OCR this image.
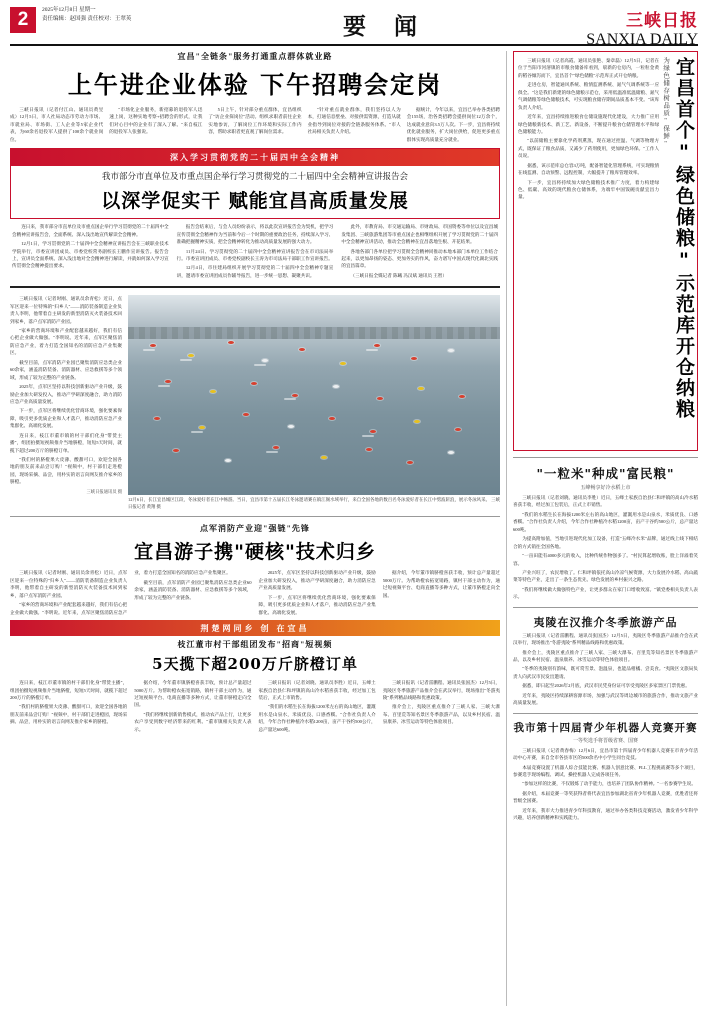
2	2025年12月8日 星期一
责任编辑：赵国强 责任校对：王翠英	要 闻	三峡日报
SANXIA DAILY
宜昌"全链条"服务打通重点群体就业路
上午进企业体验 下午招聘会定岗

三峡日报讯（记者付江山、通讯员黄昱成）12月5日，市人社局动态市劳动力市场、市就业局、市场街、工人企业等5家企业代表，为60余名退役军人提供了100余个就业岗位。

"市场化企业服务，新招募的退役军人迅速上岗，这种实地考察+招聘会的形式，让我们对心目中的企业有了深入了解。"来自枝江的退役军人张强说。

5日上午，针对部分重点群体，宜昌组织了"访企业探岗位"活动。组织求职者前往企业实地参访，了解岗位工作环境和实际工作内容，帮助求职者更直观了解岗位需求。

"针对重点就业群体，我们坚持以人为本，打通信息壁垒、对接供需资源，打造从就业指导到岗位对接的全链条服务体系。"市人社局相关负责人介绍。

据统计，今年以来，宜昌已举办各类招聘会155场，治各类招聘会提供岗位12万余个，达成就业意向3.5万人次。下一步，宜昌将持续优化就业服务，扩大岗位供给，促进更多重点群体实现高质量充分就业。

深入学习贯彻党的二十届四中全会精神
我市部分市直单位及市重点国企举行学习贯彻党的二十届四中全会精神宣讲报告会
以深学促实干 赋能宜昌高质量发展

连日来，我市部分市直单位及市重点国企举行学习贯彻党的二十届四中全会精神宣讲报告会，全面系统、深入浅出地宣传解读全会精神。

12月1日，学习贯彻党的二十届四中全会精神宣讲报告会在三峡职业技术学院举行，市委宣讲团成员、市委党校常务副校长王鹏作宣讲报告。报告会上，宣讲员全面系统、深入浅出地对全会精神进行解读，并就如何深入学习宣传贯彻全会精神提出要求。

报告会结束后，与会人员纷纷表示，将以此次宣讲报告会为契机，把学习宣传贯彻全会精神作为当前和今后一个时期的重要政治任务，持续深入学习、准确把握精神实质，把全会精神转化为推动高质量发展的强大动力。

11月24日、学习贯彻党的二十届四中全会精神宣讲报告会在市司法局举行。市委宣讲团成员、市委党校副校长王涛为市司法局干部职工作宣讲报告。

12月4日，市住建局组织开展学习贯彻党的二十届四中全会精神专题宣讲，邀请市委宣讲团成员作辅导报告，进一步统一思想、凝聚共识。

此外，市教育局、市交通运输局、市财政局、市国资委等单位以及宜昌城发集团、三峡旅游集团等市重点国企也相继组织开展了学习贯彻党的二十届四中全会精神宣讲活动，推动全会精神在宜昌落地生根、开花结果。

各地各部门各单位把学习贯彻全会精神同推动本地本部门本单位工作结合起来，以更加昂扬的姿态、更加务实的作风，奋力谱写中国式现代化湖北实践的宜昌篇章。

（三峡日报全媒记者 陈曦 冯汉斌 通讯员 王智）

三峡日报讯（记者时刚、通讯员余青松）近日，点军区迎来一位特殊的"归乡人"——消防装备制造企业负责人李明，他带着自主研发的新型消防灭火装备技术回到家乡，落户点军消防产业园。

"家乡的营商环境和产业配套越来越好，我们有信心把企业做大做强。"李明说。近年来，点军区聚焦消防应急产业，着力打造全国知名的消防应急产业集聚区。

截至目前，点军消防产业园已聚集消防应急类企业60余家，涵盖消防装备、消防器材、应急救援等多个领域，形成了较为完整的产业链条。

2025年，点军区坚持以科技创新驱动产业升级，鼓励企业加大研发投入，推动产学研深度融合，助力消防应急产业高质量发展。

下一步，点军区将继续优化营商环境，强化要素保障，吸引更多优质企业和人才落户，推动消防应急产业集群化、高端化发展。

连日来，枝江市董市镇的村干部们化身"带货主播"，组团拍摄短视频推介当地脐橙，短短5天时间，就揽下超过200万斤的脐橙订单。

"我们村的脐橙果大皮薄、酸甜可口，欢迎全国各地的朋友前来品尝订购！"视频中，村干部们走进橙园，现场采摘、品尝，用朴实的语言向网友推介家乡的脐橙。

三峡日报通讯员 摄
12月6日，长江宜昌城区江段，冬泳爱好者在江中畅游。当日，宜昌市第十五届长江冬泳邀请赛在镇江阁水域举行，来自全国各地的数百名冬泳爱好者在长江中劈波斩浪，展示冬泳风采。 三峡日报记者 黄翔 摄
点军消防产业迎"强链"先锋
宜昌游子携"硬核"技术归乡

三峡日报讯（记者时刚、通讯员余青松）近日，点军区迎来一位特殊的"归乡人"——消防装备制造企业负责人李明，他带着自主研发的新型消防灭火装备技术回到家乡，落户点军消防产业园。

"家乡的营商环境和产业配套越来越好，我们有信心把企业做大做强。"李明说。近年来，点军区聚焦消防应急产业，着力打造全国知名的消防应急产业集聚区。

截至目前，点军消防产业园已聚集消防应急类企业60余家，涵盖消防装备、消防器材、应急救援等多个领域，形成了较为完整的产业链条。

2025年，点军区坚持以科技创新驱动产业升级，鼓励企业加大研发投入，推动产学研深度融合，助力消防应急产业高质量发展。

下一步，点军区将继续优化营商环境，强化要素保障，吸引更多优质企业和人才落户，推动消防应急产业集群化、高端化发展。

据介绍，今年董市镇脐橙喜获丰收，预计总产量超过5000万斤。为帮助橙农拓宽销路，镇村干部主动作为，通过短视频平台、电商直播等多种方式，让董市脐橙走向全国。

荆楚网同乡 创 在宜昌
枝江董市村干部组团发布"招商"短视频
5天揽下超200万斤脐橙订单

连日来，枝江市董市镇的村干部们化身"带货主播"，组团拍摄短视频推介当地脐橙，短短5天时间，就揽下超过200万斤的脐橙订单。

"我们村的脐橙果大皮薄、酸甜可口，欢迎全国各地的朋友前来品尝订购！"视频中，村干部们走进橙园，现场采摘、品尝，用朴实的语言向网友推介家乡的脐橙。

据介绍，今年董市镇脐橙喜获丰收，预计总产量超过5000万斤。为帮助橙农拓宽销路，镇村干部主动作为，通过短视频平台、电商直播等多种方式，让董市脐橙走向全国。

"我们将继续创新销售模式，推动农产品上行，让更多农户享受到数字经济带来的红利。"董市镇相关负责人表示。

三峡日报讯（记者刘晓、通讯员李胜）近日，五峰土家族自治县仁和坪镇的高山冷水稻喜获丰收，经过加工包装后，正式上市销售。

"我们的水稻生长在海拔1200米左右的高山地区，灌溉用水是山泉水，米质优良、口感香糯。"合作社负责人介绍，今年合作社种植冷水稻1200亩，亩产干谷约500公斤，总产量达600吨。

三峡日报讯（记者雷鹏程、通讯员张国杰）12月5日，夷陵区冬季旅游产品推介会在武汉举行，现场推出"冬游夷陵"系列精品线路和优惠政策。

推介会上，夷陵区重点推介了三峡人家、三峡大瀑布、百里荒等知名景区冬季旅游产品，以及乡村民宿、温泉康养、冰雪运动等特色体验项目。

宜昌首个"绿色储粮"示范库开仓纳粮
为绿色储存树品质"保鲜"

三峡日报讯（记者高霞、通讯员张艳、秦章磊）12月5日，记者在位于当阳市河溶镇的市粮食储备库看到，崭新的仓房内，一粒粒金黄的稻谷倾泻而下，宜昌首个"绿色储粮"示范库正式开仓纳粮。

走进仓房，智能通风系统、粮情监测系统、氮气气调系统等一应俱全。"这是我们新建的绿色储粮示范仓，采用低温准低温储粮、氮气气调储粮等绿色储粮技术，可实现粮食储存期间品质基本不变。"该库负责人介绍。

近年来，宜昌持续推进粮食仓储设施现代化建设，大力推广应用绿色储粮新技术、新工艺、新设备，不断提升粮食仓储管理水平和绿色储粮能力。

"以前储粮主要靠化学药剂熏蒸，现在通过控温、气调等物理方式，既保证了粮食品质，又减少了药剂使用，更加绿色环保。"工作人员说。

据悉，该示范库总仓容3万吨，配备智能化管理系统，可实现粮情在线监测、自动预警、远程控制，大幅提升了粮库管理效率。

下一步，宜昌将持续加大绿色储粮技术推广力度，着力构建绿色、低碳、高效的现代粮食仓储体系，为端牢中国饭碗贡献宜昌力量。

"一粒米"种成"富民粮"
五峰畅享好冷水稻上市

三峡日报讯（记者刘晓、通讯员李胜）近日，五峰土家族自治县仁和坪镇的高山冷水稻喜获丰收，经过加工包装后，正式上市销售。

"我们的水稻生长在海拔1200米左右的高山地区，灌溉用水是山泉水，米质优良、口感香糯。"合作社负责人介绍，今年合作社种植冷水稻1200亩，亩产干谷约500公斤，总产量达600吨。

为提高附加值，当地引进现代化加工设备，打造"五峰冷水米"品牌，通过线上线下相结合的方式销往全国各地。

"一亩田能有4000多元的收入，比种传统作物强多了。"村民算起增收账，脸上洋溢着笑容。

产业兴旺了，农民增收了。仁和坪镇依托高山冷凉气候资源，大力发展冷水稻、高山蔬菜等特色产业，走出了一条生态优先、绿色发展的乡村振兴之路。

"我们将继续做大做强特色产业，让更多群众在家门口增收致富。"镇党委相关负责人表示。

夷陵在汉推介冬季旅游产品

三峡日报讯（记者雷鹏程、通讯员张国杰）12月5日，夷陵区冬季旅游产品推介会在武汉举行，现场推出"冬游夷陵"系列精品线路和优惠政策。

推介会上，夷陵区重点推介了三峡人家、三峡大瀑布、百里荒等知名景区冬季旅游产品，以及乡村民宿、温泉康养、冰雪运动等特色体验项目。

"冬季的夷陵别有韵味，既可赏雪景、泡温泉，也能品柑橘、尝美食。"夷陵区文旅局负责人向武汉市民发出邀请。

据悉，即日起至2026年2月底，武汉市民凭身份证可享受夷陵区多家景区门票优惠。

近年来，夷陵区持续深耕客源市场，加强与武汉等周边城市的旅游合作，推动文旅产业高质量发展。

我市第十四届青少年机器人竞赛开赛
一等奖选手将晋级省赛、国赛

三峡日报讯（记者黄春梅）12月6日，宜昌市第十四届青少年机器人竞赛在市青少年活动中心开赛，来自全市各县市区的500余名中小学生同台竞技。

本届竞赛设置了机器人综合技能比赛、机器人创意比赛、FLL工程挑战赛等多个项目，参赛选手现场编程、调试、操控机器人完成各项任务。

"参加这样的比赛，不仅锻炼了动手能力，也培养了团队协作精神。"一名参赛学生说。

据介绍，本届竞赛一等奖获得者将代表宜昌参加湖北省青少年机器人竞赛，优胜者还将晋级全国赛。

近年来，我市大力推进青少年科技教育，通过举办各类科技竞赛活动，激发青少年科学兴趣，培养创新精神和实践能力。
